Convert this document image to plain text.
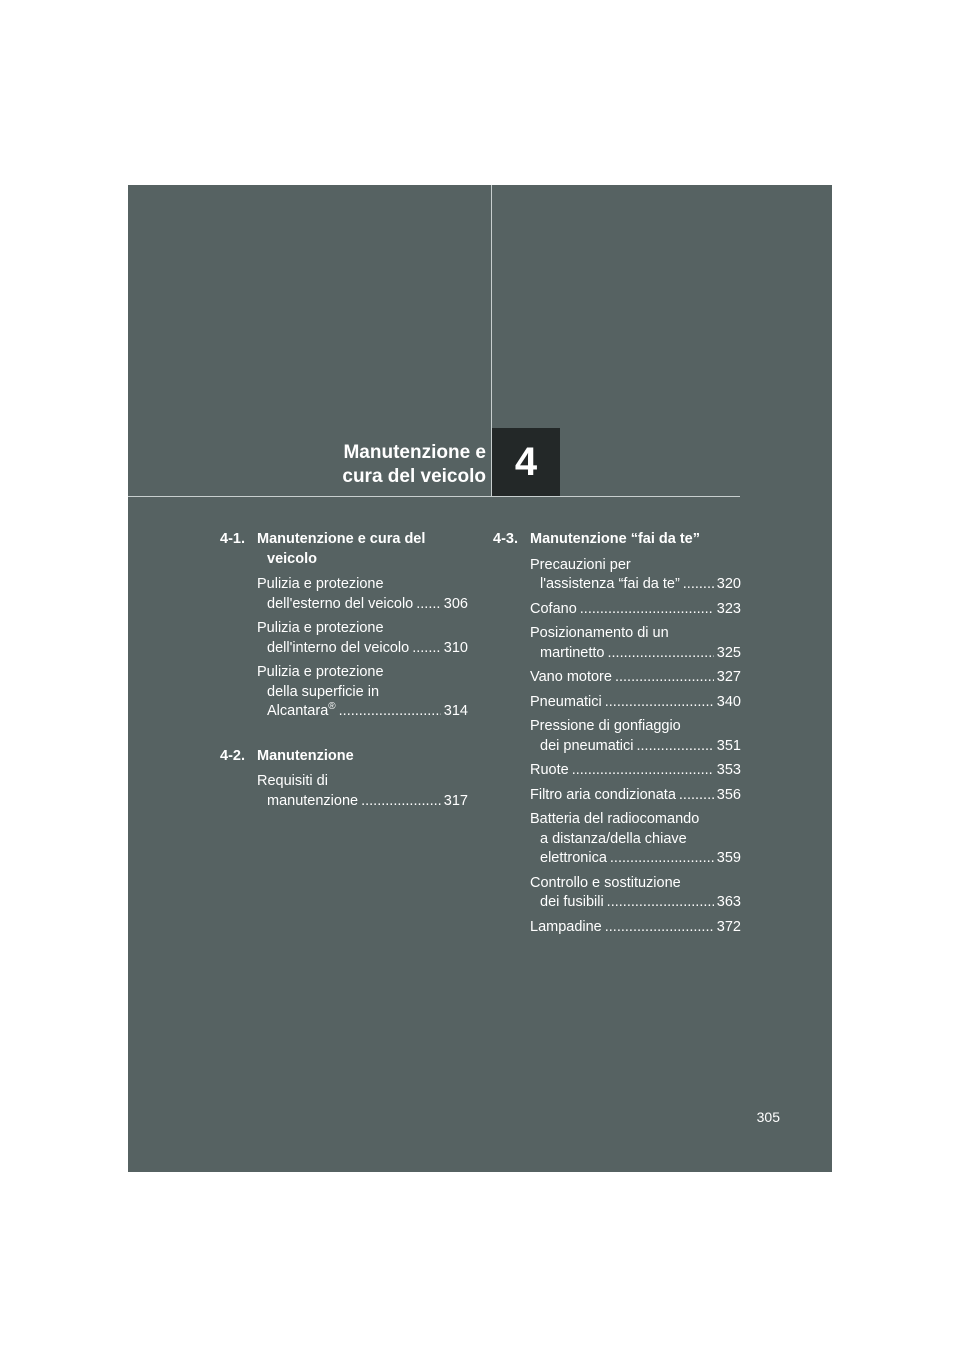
Manutenzione e
cura del veicolo 4
4-1. Manutenzione e cura del
veicolo
Pulizia e protezione
dell'esterno del veicolo ..... 306
Pulizia e protezione
dell'interno del veicolo ..... 310
Pulizia e protezione
della superficie in
Alcantara® .....	314
4-2. Manutenzione
Requisiti di
manutenzione .....	317
4-3. Manutenzione “fai da te”
Precauzioni per
l'assistenza “fai da te” .....	320
Cofano .....	323
Posizionamento di un
martinetto .....	325
Vano motore .....	327
Pneumatici .....	340
Pressione di gonfiaggio
dei pneumatici .....	351
Ruote .....	353
Filtro aria condizionata .....	356
Batteria del radiocomando
a distanza/della chiave
elettronica .....	359
Controllo e sostituzione
dei fusibili .....	363
Lampadine .....	372
305
